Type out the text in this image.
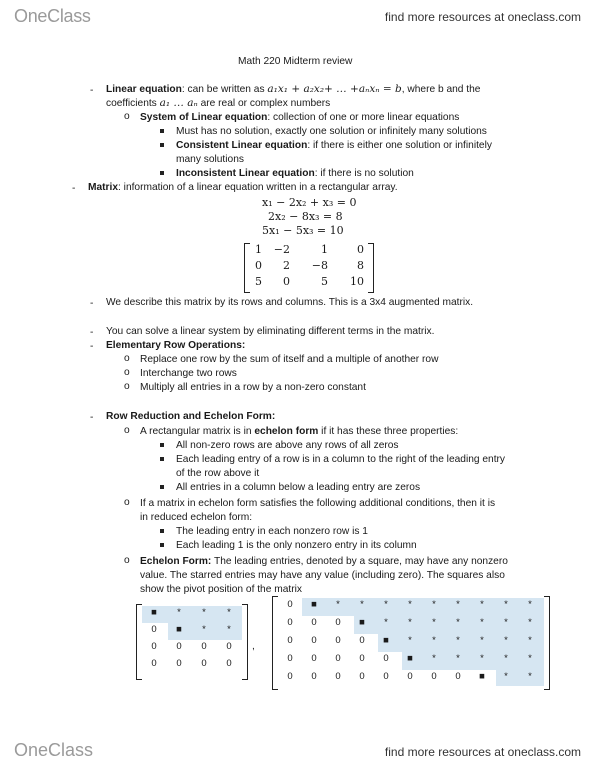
OneClass	find more resources at oneclass.com
Math 220 Midterm review
- Linear equation: can be written as a₁x₁ + a₂x₂+ … +aₙxₙ = b, where b and the
coefficients a₁ … aₙ are real or complex numbers
o System of Linear equation: collection of one or more linear equations
Must has no solution, exactly one solution or infinitely many solutions
Consistent Linear equation: if there is either one solution or infinitely
many solutions
Inconsistent Linear equation: if there is no solution
- Matrix: information of a linear equation written in a rectangular array.
x₁ − 2x₂ + x₃ = 0
2x₂ − 8x₃ = 8
5x₁ − 5x₃ = 10
1	−2	1	0
0	2	−8	8
5	0	5	10
- We describe this matrix by its rows and columns. This is a 3x4 augmented matrix.
- You can solve a linear system by eliminating different terms in the matrix.
- Elementary Row Operations:
o Replace one row by the sum of itself and a multiple of another row
o Interchange two rows
o Multiply all entries in a row by a non-zero constant
- Row Reduction and Echelon Form:
o A rectangular matrix is in echelon form if it has these three properties:
All non-zero rows are above any rows of all zeros
Each leading entry of a row is in a column to the right of the leading entry
of the row above it
All entries in a column below a leading entry are zeros
o If a matrix in echelon form satisfies the following additional conditions, then it is
in reduced echelon form:
The leading entry in each nonzero row is 1
Each leading 1 is the only nonzero entry in its column
o Echelon Form: The leading entries, denoted by a square, may have any nonzero
value. The starred entries may have any value (including zero). The squares also
show the pivot position of the matrix
■	*	*	*
0	■	*	*
0	0	0	0
0	0	0	0
,
0	■	*	*	*	*	*	*	*	*	*
0	0	0	■	*	*	*	*	*	*	*
0	0	0	0	■	*	*	*	*	*	*
0	0	0	0	0	■	*	*	*	*	*
0	0	0	0	0	0	0	0	■	*	*
OneClass	find more resources at oneclass.com
